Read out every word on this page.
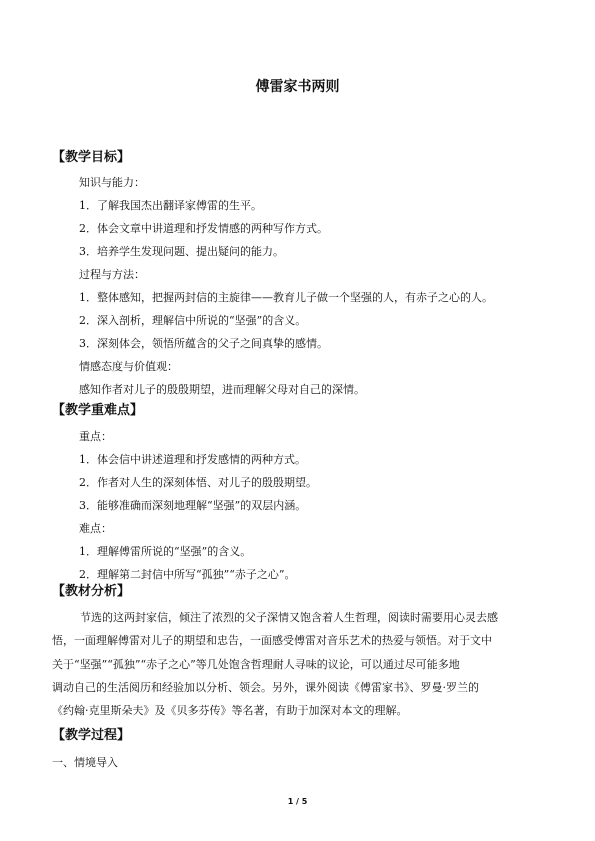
傅雷家书两则
【教学目标】
知识与能力：
1．了解我国杰出翻译家傅雷的生平。
2．体会文章中讲道理和抒发情感的两种写作方式。
3．培养学生发现问题、提出疑问的能力。
过程与方法：
1．整体感知，把握两封信的主旋律——教育儿子做一个坚强的人，有赤子之心的人。
2．深入剖析，理解信中所说的“坚强”的含义。
3．深刻体会，领悟所蕴含的父子之间真挚的感情。
情感态度与价值观：
感知作者对儿子的殷殷期望，进而理解父母对自己的深情。
【教学重难点】
重点：
1．体会信中讲述道理和抒发感情的两种方式。
2．作者对人生的深刻体悟、对儿子的殷殷期望。
3．能够准确而深刻地理解“坚强”的双层内涵。
难点：
1．理解傅雷所说的“坚强”的含义。
2．理解第二封信中所写“孤独”“赤子之心”。
【教材分析】
节选的这两封家信，倾注了浓烈的父子深情又饱含着人生哲理，阅读时需要用心灵去感
悟，一面理解傅雷对儿子的期望和忠告，一面感受傅雷对音乐艺术的热爱与领悟。对于文中
关于“坚强”“孤独”“赤子之心”等几处饱含哲理耐人寻味的议论，可以通过尽可能多地
调动自己的生活阅历和经验加以分析、领会。另外，课外阅读《傅雷家书》、罗曼·罗兰的
《约翰·克里斯朵夫》及《贝多芬传》等名著，有助于加深对本文的理解。
【教学过程】
一、情境导入
1 / 5
